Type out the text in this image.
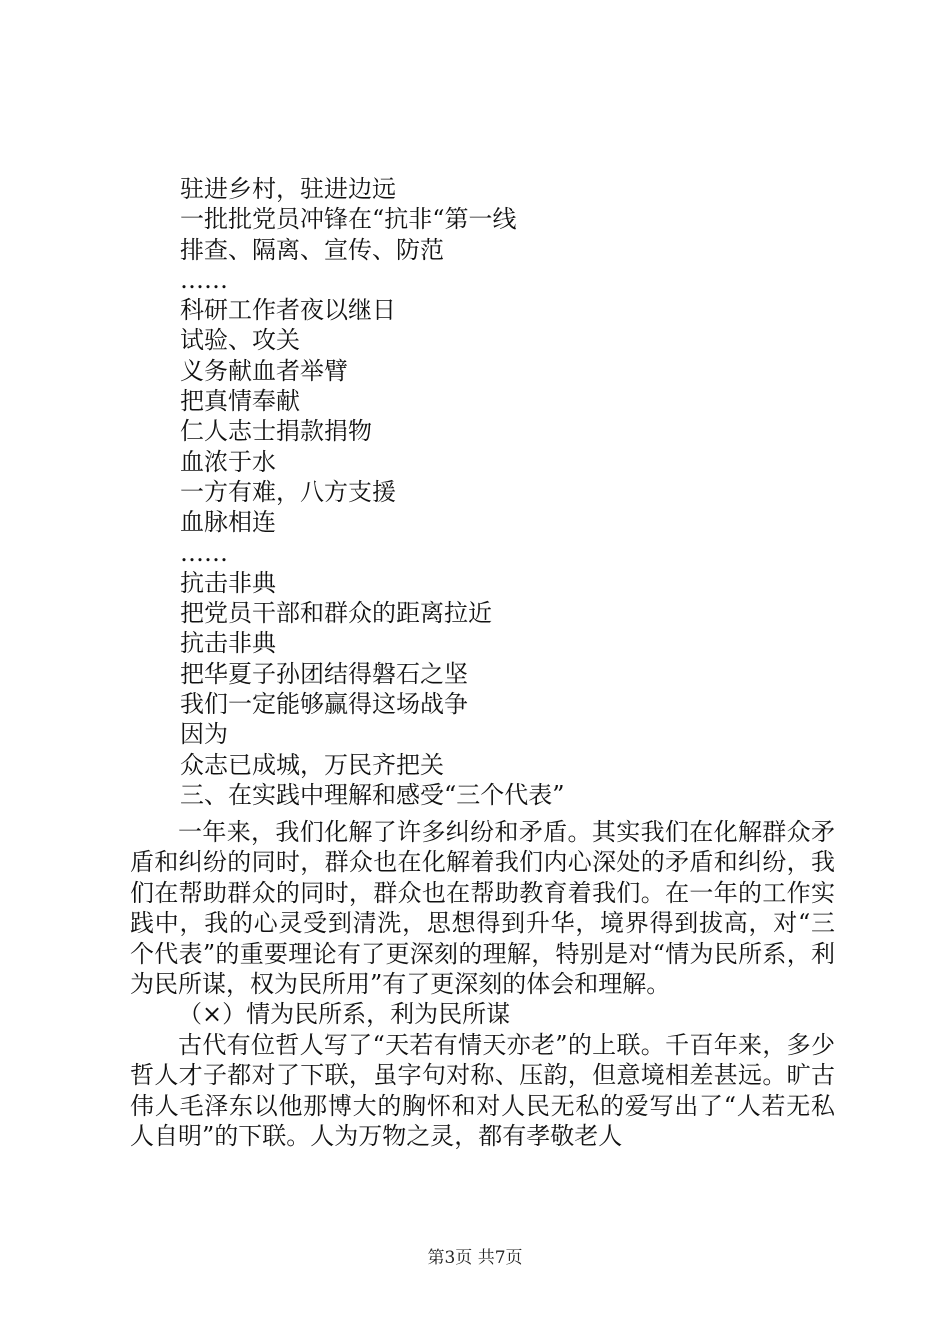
驻进乡村，驻进边远
一批批党员冲锋在“抗非“第一线
排查、隔离、宣传、防范
……
科研工作者夜以继日
试验、攻关
义务献血者举臂
把真情奉献
仁人志士捐款捐物
血浓于水
一方有难，八方支援
血脉相连
……
抗击非典
把党员干部和群众的距离拉近
抗击非典
把华夏子孙团结得磐石之坚
我们一定能够赢得这场战争
因为
众志已成城，万民齐把关
三、在实践中理解和感受“三个代表”

一年来，我们化解了许多纠纷和矛盾。其实我们在化解群众矛盾和纠纷的同时，群众也在化解着我们内心深处的矛盾和纠纷，我们在帮助群众的同时，群众也在帮助教育着我们。在一年的工作实践中，我的心灵受到清洗，思想得到升华，境界得到拔高，对“三个代表”的重要理论有了更深刻的理解，特别是对“情为民所系，利为民所谋，权为民所用”有了更深刻的体会和理解。

（×）情为民所系，利为民所谋

古代有位哲人写了“天若有情天亦老”的上联。千百年来，多少哲人才子都对了下联，虽字句对称、压韵，但意境相差甚远。旷古伟人毛泽东以他那博大的胸怀和对人民无私的爱写出了“人若无私人自明”的下联。人为万物之灵，都有孝敬老人

第3页 共7页
